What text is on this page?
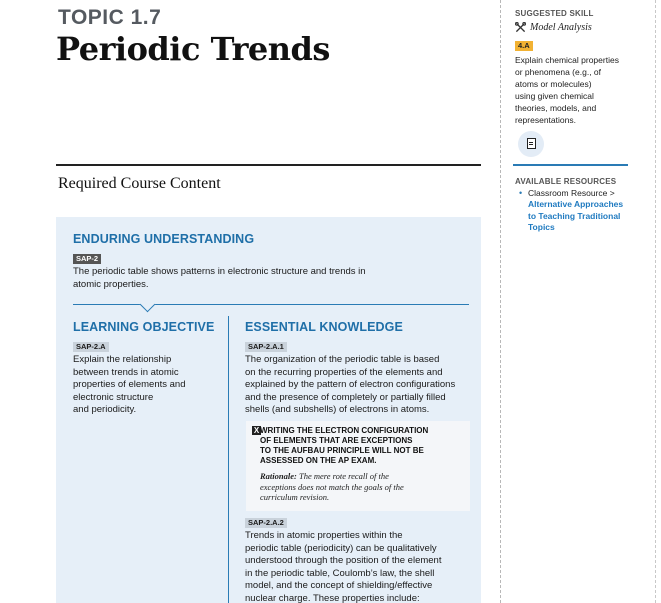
TOPIC 1.7
Periodic Trends
Required Course Content
ENDURING UNDERSTANDING
SAP-2
The periodic table shows patterns in electronic structure and trends in
atomic properties.
LEARNING OBJECTIVE
SAP-2.A
Explain the relationship
between trends in atomic
properties of elements and
electronic structure
and periodicity.
ESSENTIAL KNOWLEDGE
SAP-2.A.1
The organization of the periodic table is based
on the recurring properties of the elements and
explained by the pattern of electron configurations
and the presence of completely or partially filled
shells (and subshells) of electrons in atoms.
X WRITING THE ELECTRON CONFIGURATION
OF ELEMENTS THAT ARE EXCEPTIONS
TO THE AUFBAU PRINCIPLE WILL NOT BE
ASSESSED ON THE AP EXAM.
Rationale: The mere rote recall of the
exceptions does not match the goals of the
curriculum revision.
SAP-2.A.2
Trends in atomic properties within the
periodic table (periodicity) can be qualitatively
understood through the position of the element
in the periodic table, Coulomb’s law, the shell
model, and the concept of shielding/effective
nuclear charge. These properties include:
SUGGESTED SKILL
Model Analysis
4.A
Explain chemical properties
or phenomena (e.g., of
atoms or molecules)
using given chemical
theories, models, and
representations.
AVAILABLE RESOURCES
• Classroom Resource >
Alternative Approaches
to Teaching Traditional
Topics
